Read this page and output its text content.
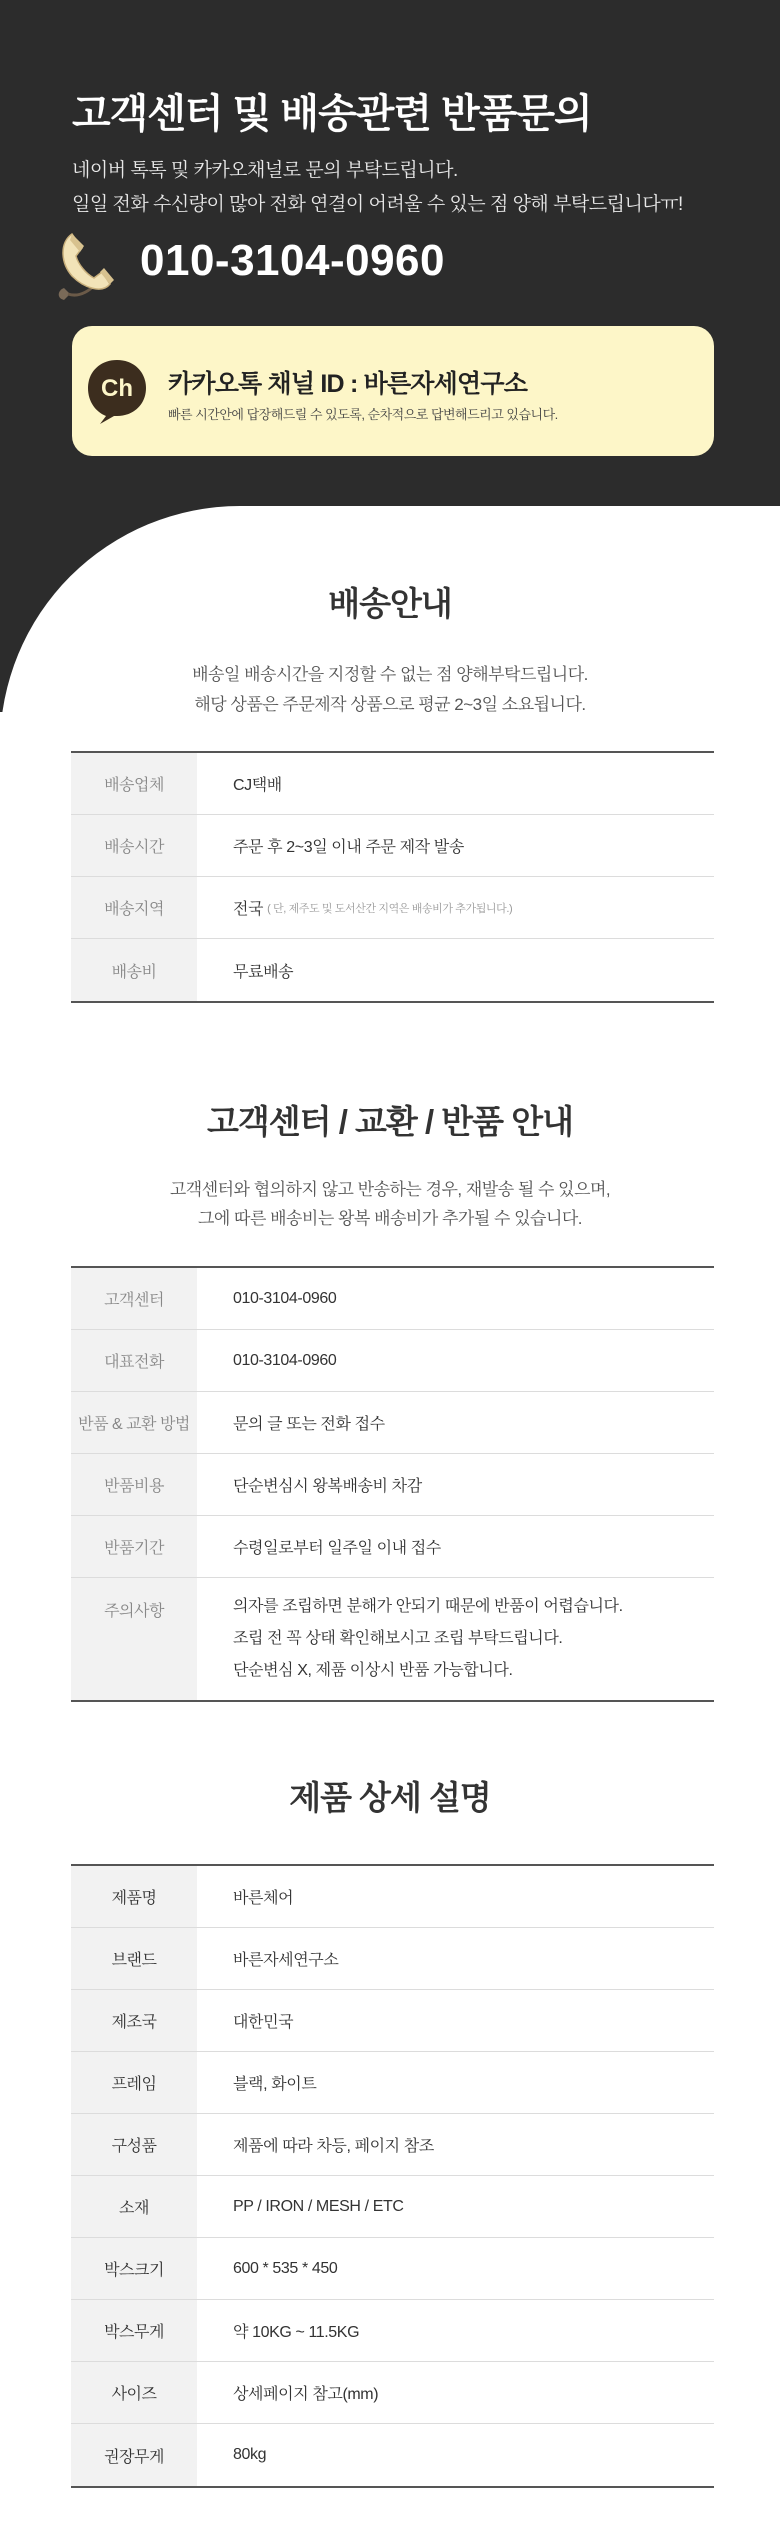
고객센터 및 배송관련 반품문의
네이버 톡톡 및 카카오채널로 문의 부탁드립니다.
일일 전화 수신량이 많아 전화 연결이 어려울 수 있는 점 양해 부탁드립니다ㅠ!
010-3104-0960
Ch 카카오톡 채널 ID : 바른자세연구소
빠른 시간안에 답장해드릴 수 있도록, 순차적으로 답변해드리고 있습니다.
배송안내
배송일 배송시간을 지정할 수 없는 점 양해부탁드립니다.
해당 상품은 주문제작 상품으로 평균 2~3일 소요됩니다.
배송업체	CJ택배
배송시간	주문 후 2~3일 이내 주문 제작 발송
배송지역	전국 ( 단, 제주도 및 도서산간 지역은 배송비가 추가됩니다.)
배송비	무료배송
고객센터 / 교환 / 반품 안내
고객센터와 협의하지 않고 반송하는 경우, 재발송 될 수 있으며,
그에 따른 배송비는 왕복 배송비가 추가될 수 있습니다.
고객센터	010-3104-0960
대표전화	010-3104-0960
반품 & 교환 방법	문의 글 또는 전화 접수
반품비용	단순변심시 왕복배송비 차감
반품기간	수령일로부터 일주일 이내 접수
주의사항	의자를 조립하면 분해가 안되기 때문에 반품이 어렵습니다.
조립 전 꼭 상태 확인해보시고 조립 부탁드립니다.
단순변심 X, 제품 이상시 반품 가능합니다.
제품 상세 설명
제품명	바른체어
브랜드	바른자세연구소
제조국	대한민국
프레임	블랙, 화이트
구성품	제품에 따라 차등, 페이지 참조
소재	PP / IRON / MESH / ETC
박스크기	600 * 535 * 450
박스무게	약 10KG ~ 11.5KG
사이즈	상세페이지 참고(mm)
권장무게	80kg
